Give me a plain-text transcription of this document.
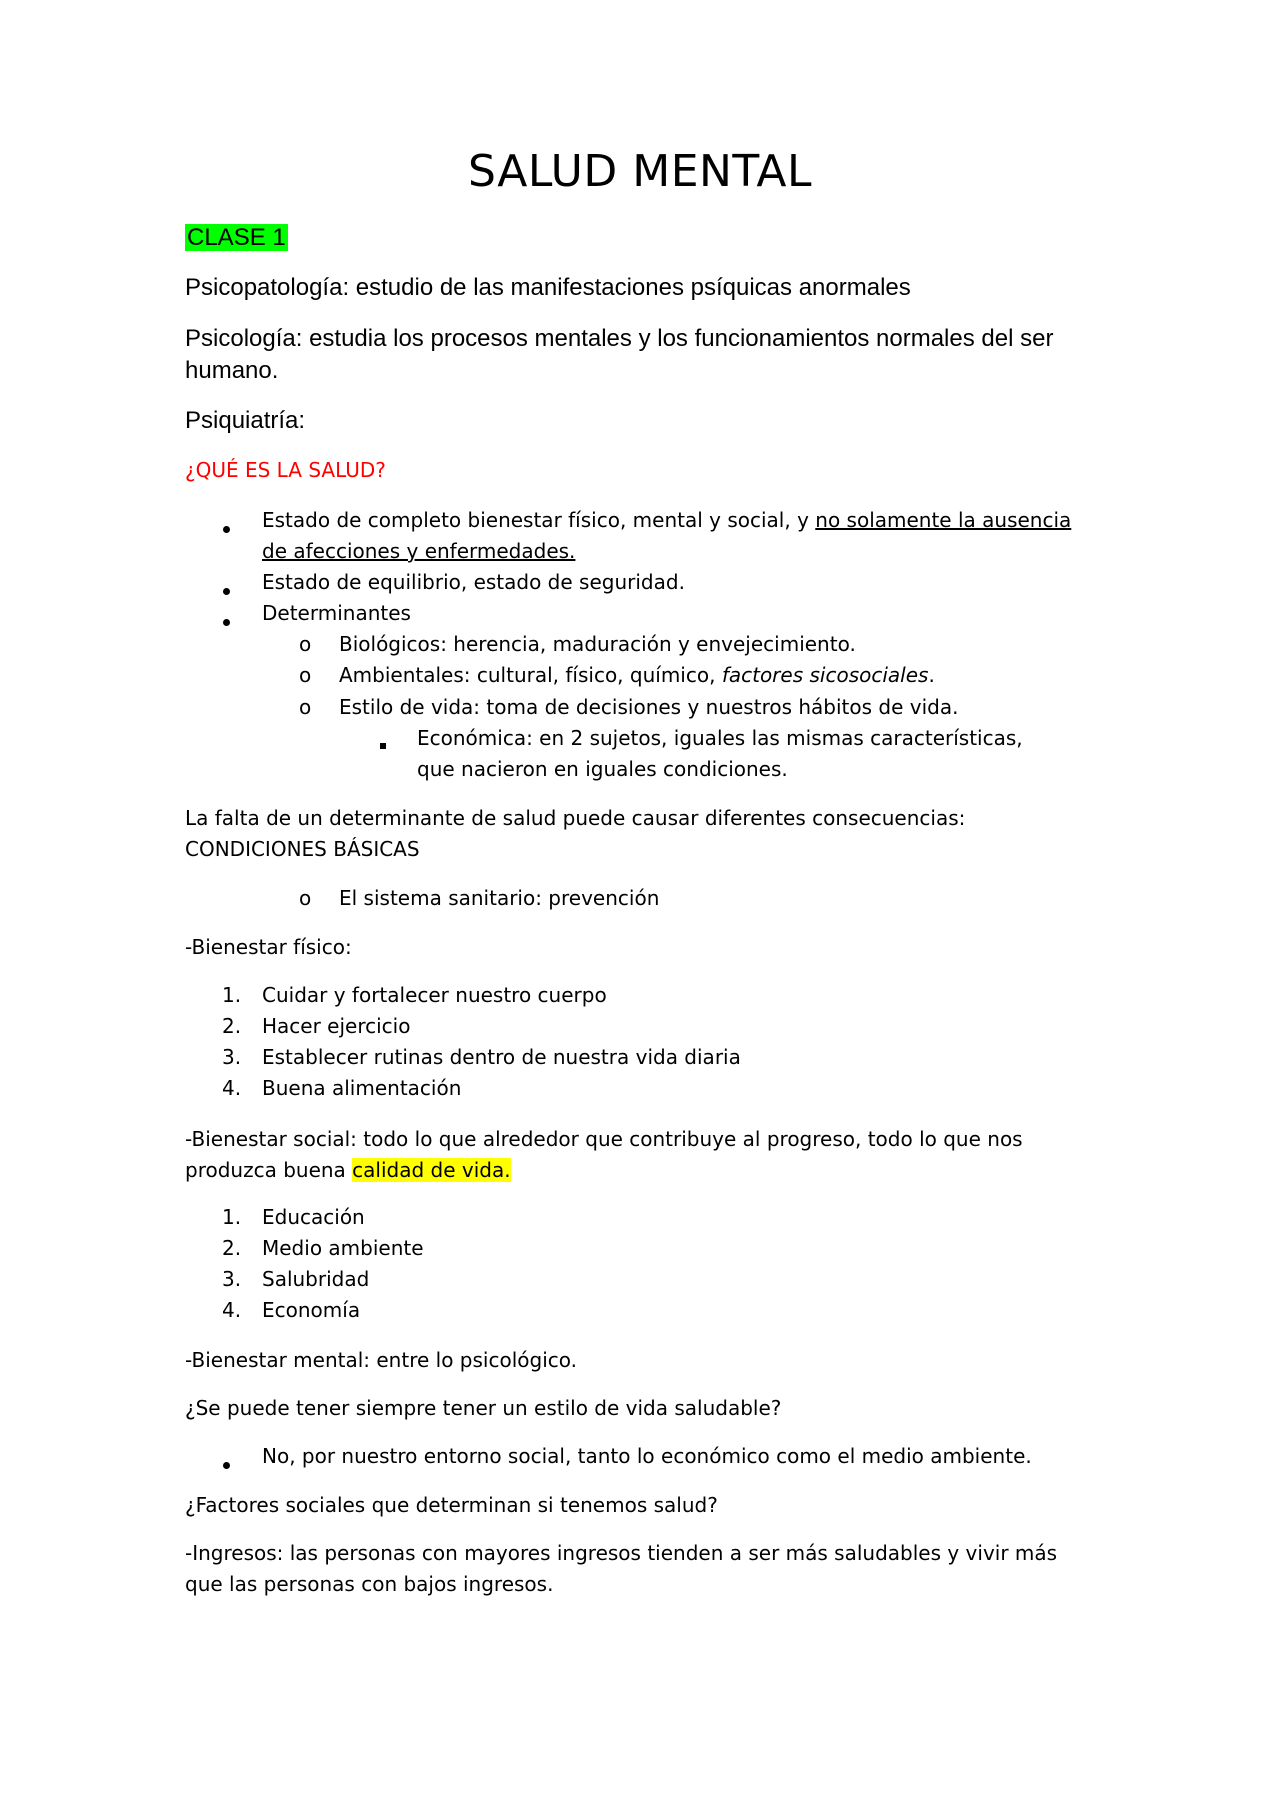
SALUD MENTAL
CLASE 1
Psicopatología: estudio de las manifestaciones psíquicas anormales
Psicología: estudia los procesos mentales y los funcionamientos normales del ser humano.
Psiquiatría:
¿QUÉ ES LA SALUD?
Estado de completo bienestar físico, mental y social, y no solamente la ausencia de afecciones y enfermedades.
Estado de equilibrio, estado de seguridad.
Determinantes
o Biológicos: herencia, maduración y envejecimiento.
o Ambientales: cultural, físico, químico, factores sicosociales.
o Estilo de vida: toma de decisiones y nuestros hábitos de vida.
Económica: en 2 sujetos, iguales las mismas características, que nacieron en iguales condiciones.
La falta de un determinante de salud puede causar diferentes consecuencias: CONDICIONES BÁSICAS
o El sistema sanitario: prevención
-Bienestar físico:
1. Cuidar y fortalecer nuestro cuerpo
2. Hacer ejercicio
3. Establecer rutinas dentro de nuestra vida diaria
4. Buena alimentación
-Bienestar social: todo lo que alrededor que contribuye al progreso, todo lo que nos produzca buena calidad de vida.
1. Educación
2. Medio ambiente
3. Salubridad
4. Economía
-Bienestar mental: entre lo psicológico.
¿Se puede tener siempre tener un estilo de vida saludable?
No, por nuestro entorno social, tanto lo económico como el medio ambiente.
¿Factores sociales que determinan si tenemos salud?
-Ingresos: las personas con mayores ingresos tienden a ser más saludables y vivir más que las personas con bajos ingresos.
